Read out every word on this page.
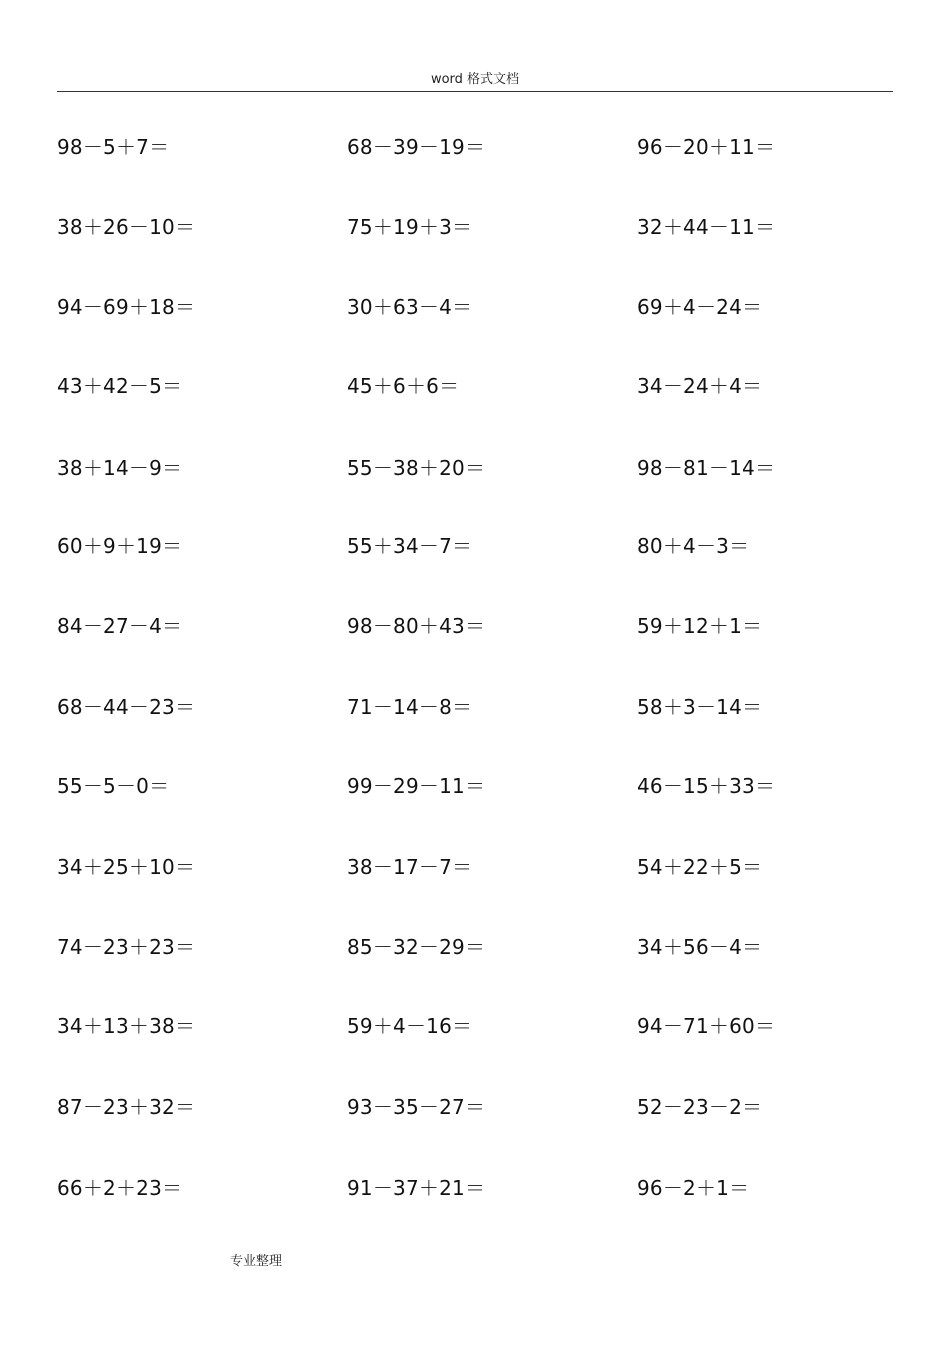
word 格式文档
98－5＋7＝	68－39－19＝	96－20＋11＝
38＋26－10＝	75＋19＋3＝	32＋44－11＝
94－69＋18＝	30＋63－4＝	69＋4－24＝
43＋42－5＝	45＋6＋6＝	34－24＋4＝
38＋14－9＝	55－38＋20＝	98－81－14＝
60＋9＋19＝	55＋34－7＝	80＋4－3＝
84－27－4＝	98－80＋43＝	59＋12＋1＝
68－44－23＝	71－14－8＝	58＋3－14＝
55－5－0＝	99－29－11＝	46－15＋33＝
34＋25＋10＝	38－17－7＝	54＋22＋5＝
74－23＋23＝	85－32－29＝	34＋56－4＝
34＋13＋38＝	59＋4－16＝	94－71＋60＝
87－23＋32＝	93－35－27＝	52－23－2＝
66＋2＋23＝	91－37＋21＝	96－2＋1＝
专业整理
